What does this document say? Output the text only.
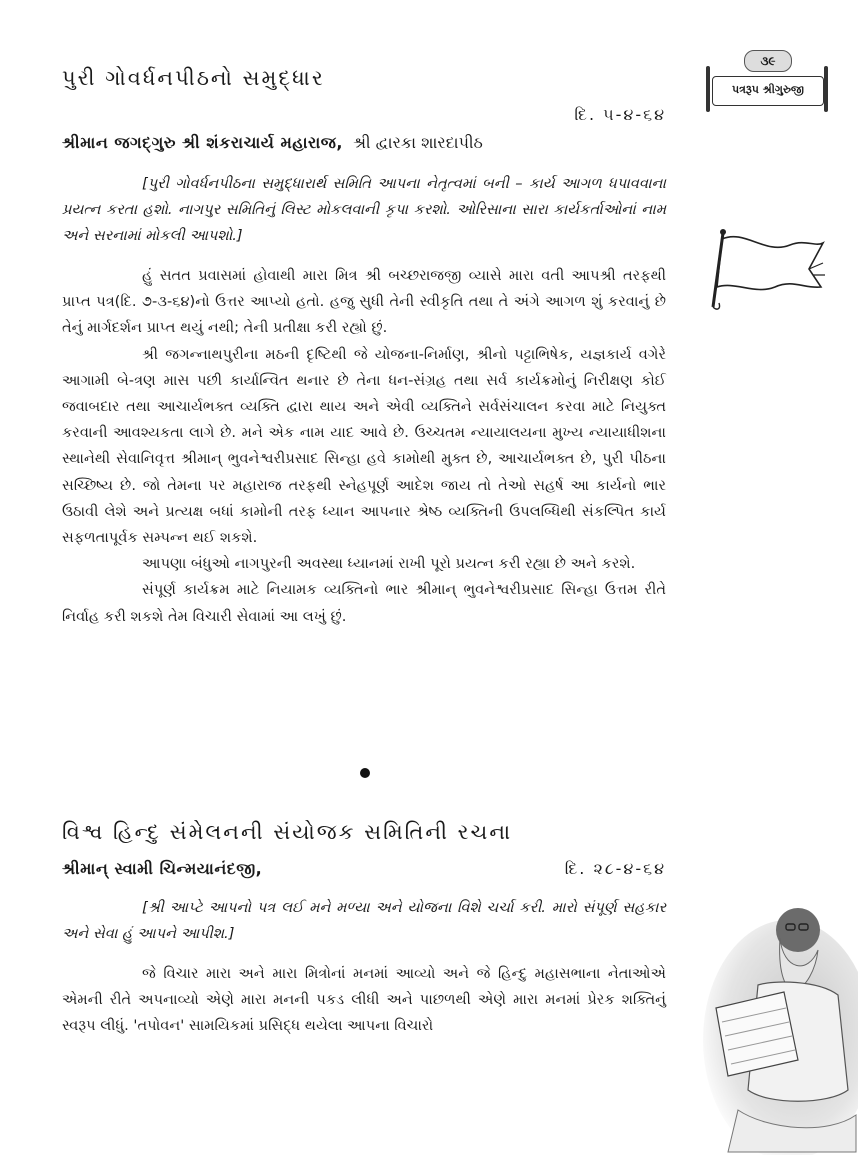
પત્રરૂપ શ્રીગુરુજી
૩૯
પુરી ગોવર્ધનપીઠનો સમુદ્ધાર
દિ. ૫-૪-૬૪
શ્રીમાન જગદ્ગુરુ શ્રી શંકરાચાર્ય મહારાજ, શ્રી દ્વારકા શારદાપીઠ

[પુરી ગોવર્ધનપીઠના સમુદ્ધારાર્થ સમિતિ આપના નેતૃત્વમાં બની – કાર્ય આગળ ધપાવવાના પ્રયત્ન કરતા હશો. નાગપુર સમિતિનું લિસ્ટ મોકલવાની કૃપા કરશો. ઓરિસાના સારા કાર્યકર્તાઓનાં નામ અને સરનામાં મોકલી આપશો.]

હું સતત પ્રવાસમાં હોવાથી મારા મિત્ર શ્રી બચ્છરાજજી વ્યાસે મારા વતી આપશ્રી તરફથી પ્રાપ્ત પત્ર(દિ. ૭-૩-૬૪)નો ઉત્તર આપ્યો હતો. હજુ સુધી તેની સ્વીકૃતિ તથા તે અંગે આગળ શું કરવાનું છે તેનું માર્ગદર્શન પ્રાપ્ત થયું નથી; તેની પ્રતીક્ષા કરી રહ્યો છું.

શ્રી જગન્નાથપુરીના મઠની દૃષ્ટિથી જે યોજના-નિર્માણ, શ્રીનો પટ્ટાભિષેક, યજ્ઞકાર્ય વગેરે આગામી બે-ત્રણ માસ પછી કાર્યાન્વિત થનાર છે તેના ધન-સંગ્રહ તથા સર્વ કાર્યક્રમોનું નિરીક્ષણ કોઈ જવાબદાર તથા આચાર્યભક્ત વ્યક્તિ દ્વારા થાય અને એવી વ્યક્તિને સર્વસંચાલન કરવા માટે નિયુક્ત કરવાની આવશ્યકતા લાગે છે. મને એક નામ યાદ આવે છે. ઉચ્ચતમ ન્યાયાલયના મુખ્ય ન્યાયાધીશના સ્થાનેથી સેવાનિવૃત્ત શ્રીમાન્ ભુવનેશ્વરીપ્રસાદ સિન્હા હવે કામોથી મુક્ત છે, આચાર્યભક્ત છે, પુરી પીઠના સચ્છિષ્ય છે. જો તેમના પર મહારાજ તરફથી સ્નેહપૂર્ણ આદેશ જાય તો તેઓ સહર્ષ આ કાર્યનો ભાર ઉઠાવી લેશે અને પ્રત્યક્ષ બધાં કામોની તરફ ધ્યાન આપનાર શ્રેષ્ઠ વ્યક્તિની ઉપલબ્ધિથી સંકલ્પિત કાર્ય સફળતાપૂર્વક સમ્પન્ન થઈ શકશે.

આપણા બંધુઓ નાગપુરની અવસ્થા ધ્યાનમાં રાખી પૂરો પ્રયત્ન કરી રહ્યા છે અને કરશે.

સંપૂર્ણ કાર્યક્રમ માટે નિયામક વ્યક્તિનો ભાર શ્રીમાન્ ભુવનેશ્વરીપ્રસાદ સિન્હા ઉત્તમ રીતે નિર્વાહ કરી શકશે તેમ વિચારી સેવામાં આ લખું છું.

વિશ્વ હિન્દુ સંમેલનની સંયોજક સમિતિની રચના
શ્રીમાન્ સ્વામી ચિન્મયાનંદજી,	દિ. ૨૮-૪-૬૪

[શ્રી આપ્ટે આપનો પત્ર લઈ મને મળ્યા અને યોજના વિશે ચર્ચા કરી. મારો સંપૂર્ણ સહકાર અને સેવા હું આપને આપીશ.]

જે વિચાર મારા અને મારા મિત્રોનાં મનમાં આવ્યો અને જે હિન્દુ મહાસભાના નેતાઓએ એમની રીતે અપનાવ્યો એણે મારા મનની પકડ લીધી અને પાછળથી એણે મારા મનમાં પ્રેરક શક્તિનું સ્વરૂપ લીધું. 'તપોવન' સામયિકમાં પ્રસિદ્ધ થયેલા આપના વિચારો
